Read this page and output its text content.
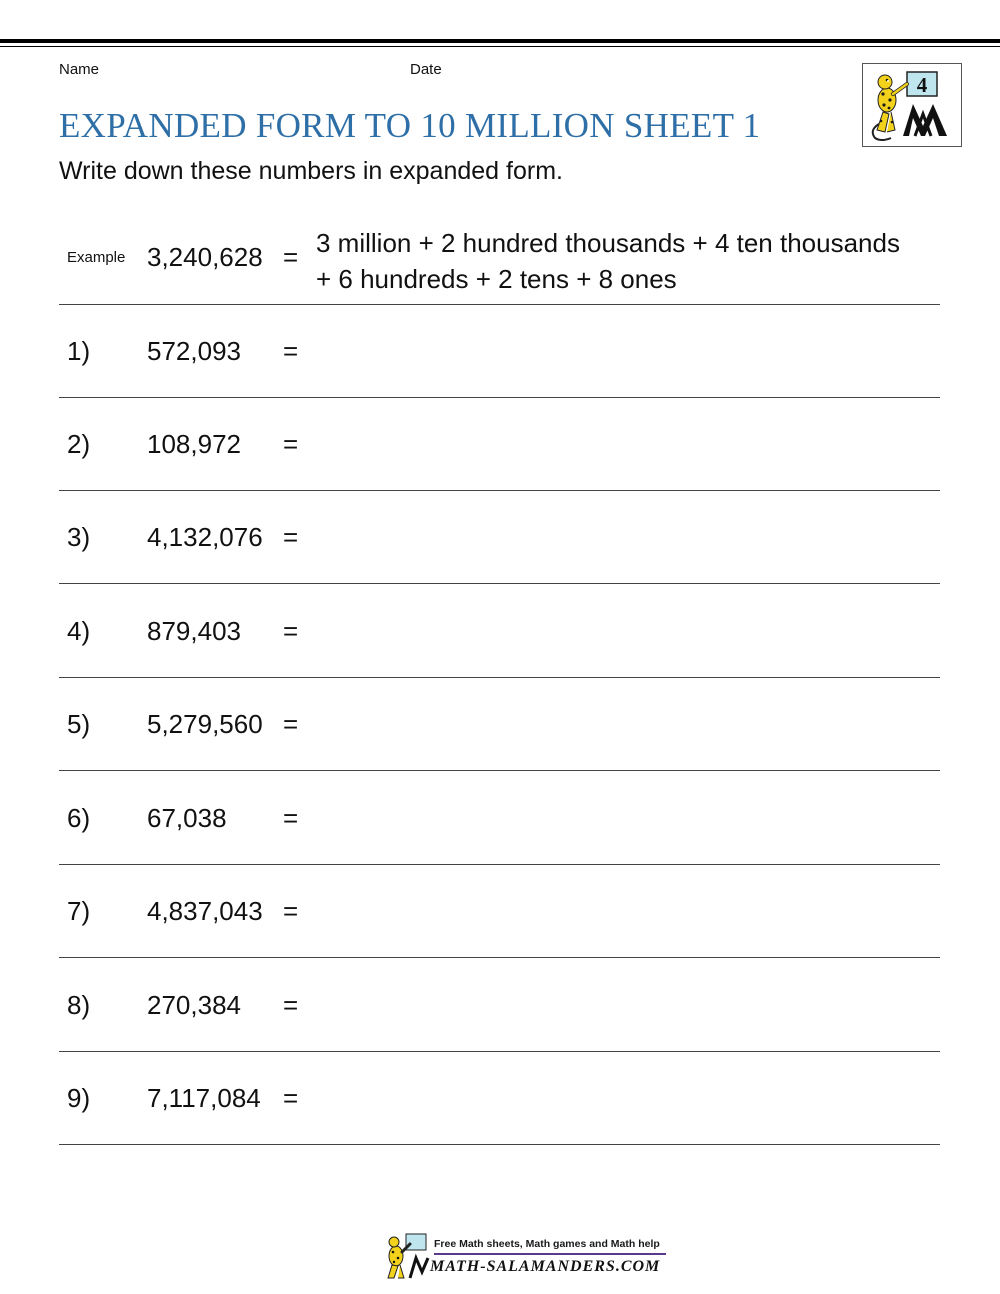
Name	Date
EXPANDED FORM TO 10 MILLION SHEET 1
Write down these numbers in expanded form.
4
Example 3,240,628 = 3 million + 2 hundred thousands + 4 ten thousands
+ 6 hundreds + 2 tens + 8 ones
1) 572,093 =
2) 108,972 =
3) 4,132,076 =
4) 879,403 =
5) 5,279,560 =
6) 67,038 =
7) 4,837,043 =
8) 270,384 =
9) 7,117,084 =
Free Math sheets, Math games and Math help
MATH-SALAMANDERS.COM
